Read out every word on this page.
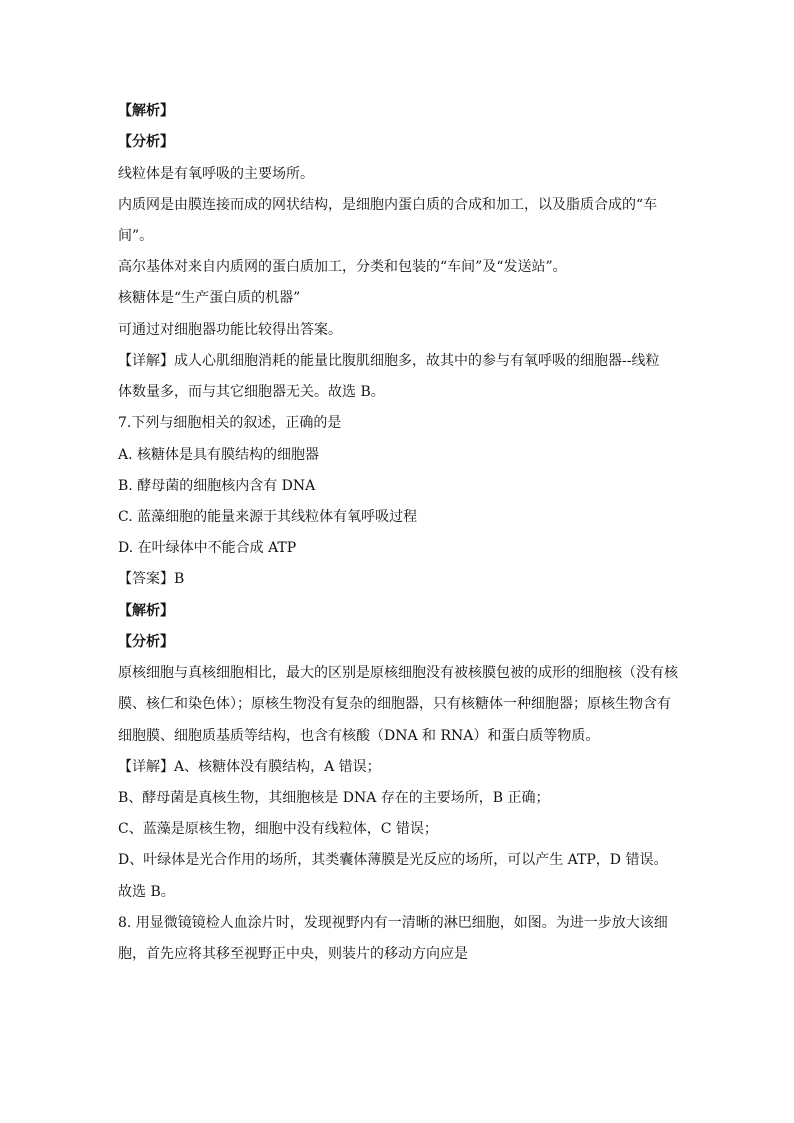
【解析】
【分析】
线粒体是有氧呼吸的主要场所。
内质网是由膜连接而成的网状结构，是细胞内蛋白质的合成和加工，以及脂质合成的“车
间”。
高尔基体对来自内质网的蛋白质加工，分类和包装的“车间”及“发送站”。
核糖体是“生产蛋白质的机器”
可通过对细胞器功能比较得出答案。
【详解】成人心肌细胞消耗的能量比腹肌细胞多，故其中的参与有氧呼吸的细胞器--线粒
体数量多，而与其它细胞器无关。故选 B。
7.下列与细胞相关的叙述，正确的是
A. 核糖体是具有膜结构的细胞器
B. 酵母菌的细胞核内含有 DNA
C. 蓝藻细胞的能量来源于其线粒体有氧呼吸过程
D. 在叶绿体中不能合成 ATP
【答案】B
【解析】
【分析】
原核细胞与真核细胞相比，最大的区别是原核细胞没有被核膜包被的成形的细胞核（没有核
膜、核仁和染色体）；原核生物没有复杂的细胞器，只有核糖体一种细胞器；原核生物含有
细胞膜、细胞质基质等结构，也含有核酸（DNA 和 RNA）和蛋白质等物质。
【详解】A、核糖体没有膜结构，A 错误；
B、酵母菌是真核生物，其细胞核是 DNA 存在的主要场所，B 正确；
C、蓝藻是原核生物，细胞中没有线粒体，C 错误；
D、叶绿体是光合作用的场所，其类囊体薄膜是光反应的场所，可以产生 ATP，D 错误。
故选 B。
8. 用显微镜镜检人血涂片时，发现视野内有一清晰的淋巴细胞，如图。为进一步放大该细
胞，首先应将其移至视野正中央，则装片的移动方向应是
